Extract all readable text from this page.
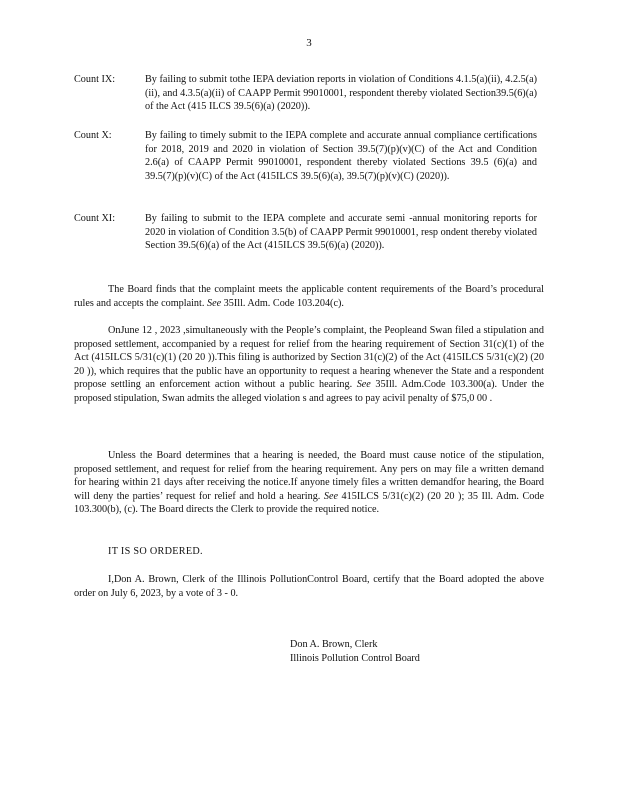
3
Count IX:	By failing to submit tothe IEPA deviation reports in violation of Conditions 4.1.5(a)(ii), 4.2.5(a)(ii), and 4.3.5(a)(ii) of CAAPP Permit 99010001, respondent thereby violated Section39.5(6)(a) of the Act (415 ILCS 39.5(6)(a) (2020)).
Count X:	By failing to timely submit to the IEPA complete and accurate annual compliance certifications for 2018, 2019 and 2020 in violation of Section 39.5(7)(p)(v)(C) of the Act and Condition 2.6(a) of CAAPP Permit 99010001, respondent thereby violated Sections 39.5 (6)(a) and 39.5(7)(p)(v)(C) of the Act (415ILCS 39.5(6)(a), 39.5(7)(p)(v)(C) (2020)).
Count XI:	By failing to submit to the IEPA complete and accurate semi -annual monitoring reports for 2020 in violation of Condition 3.5(b) of CAAPP Permit 99010001, resp ondent thereby violated Section 39.5(6)(a) of the Act (415ILCS 39.5(6)(a) (2020)).

The Board finds that the complaint meets the applicable content requirements of the Board’s procedural rules and accepts the complaint. See 35Ill. Adm. Code 103.204(c).

OnJune 12 , 2023 ,simultaneously with the People’s complaint, the Peopleand Swan filed a stipulation and proposed settlement, accompanied by a request for relief from the hearing requirement of Section 31(c)(1) of the Act (415ILCS 5/31(c)(1) (20 20 )).This filing is authorized by Section 31(c)(2) of the Act (415ILCS 5/31(c)(2) (20 20 )), which requires that the public have an opportunity to request a hearing whenever the State and a respondent propose settling an enforcement action without a public hearing. See 35Ill. Adm.Code 103.300(a). Under the proposed stipulation, Swan admits the alleged violation s and agrees to pay acivil penalty of $75,0 00 .

Unless the Board determines that a hearing is needed, the Board must cause notice of the stipulation, proposed settlement, and request for relief from the hearing requirement. Any pers on may file a written demand for hearing within 21 days after receiving the notice.If anyone timely files a written demandfor hearing, the Board will deny the parties’ request for relief and hold a hearing. See 415ILCS 5/31(c)(2) (20 20 ); 35 Ill. Adm. Code 103.300(b), (c). The Board directs the Clerk to provide the required notice.

IT IS SO ORDERED.

I,Don A. Brown, Clerk of the Illinois PollutionControl Board, certify that the Board adopted the above order on July 6, 2023, by a vote of 3 - 0.

Don A. Brown, Clerk
Illinois Pollution Control Board
